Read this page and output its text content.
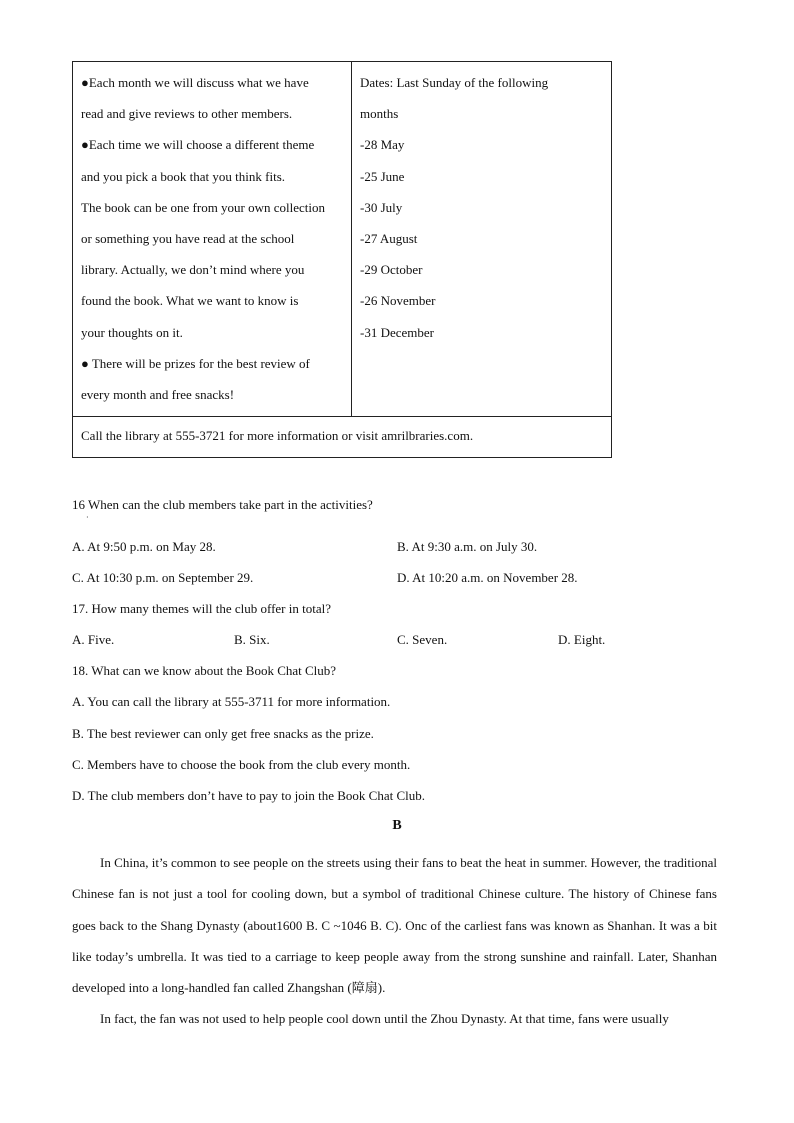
●Each month we will discuss what we have
read and give reviews to other members.
●Each time we will choose a different theme
and you pick a book that you think fits.
The book can be one from your own collection
or something you have read at the school
library. Actually, we don’t mind where you
found the book. What we want to know is
your thoughts on it.
● There will be prizes for the best review of
every month and free snacks!
Dates: Last Sunday of the following
months
-28 May
-25 June
-30 July
-27 August
-29 October
-26 November
-31 December
Call the library at 555-3721 for more information or visit amrilbraries.com.
16 When can the club members take part in the activities?
·
A. At 9:50 p.m. on May 28.	B. At 9:30 a.m. on July 30.
C. At 10:30 p.m. on September 29.	D. At 10:20 a.m. on November 28.
17. How many themes will the club offer in total?
A. Five.	B. Six.	C. Seven.	D. Eight.
18. What can we know about the Book Chat Club?
A. You can call the library at 555-3711 for more information.
B. The best reviewer can only get free snacks as the prize.
C. Members have to choose the book from the club every month.
D. The club members don’t have to pay to join the Book Chat Club.
B

In China, it’s common to see people on the streets using their fans to beat the heat in summer. However, the traditional Chinese fan is not just a tool for cooling down, but a symbol of traditional Chinese culture. The history of Chinese fans goes back to the Shang Dynasty (about1600 B. C ~1046 B. C). Onc of the carliest fans was known as Shanhan. It was a bit like today’s umbrella. It was tied to a carriage to keep people away from the strong sunshine and rainfall. Later, Shanhan developed into a long-handled fan called Zhangshan (障扇).

In fact, the fan was not used to help people cool down until the Zhou Dynasty. At that time, fans were usually
